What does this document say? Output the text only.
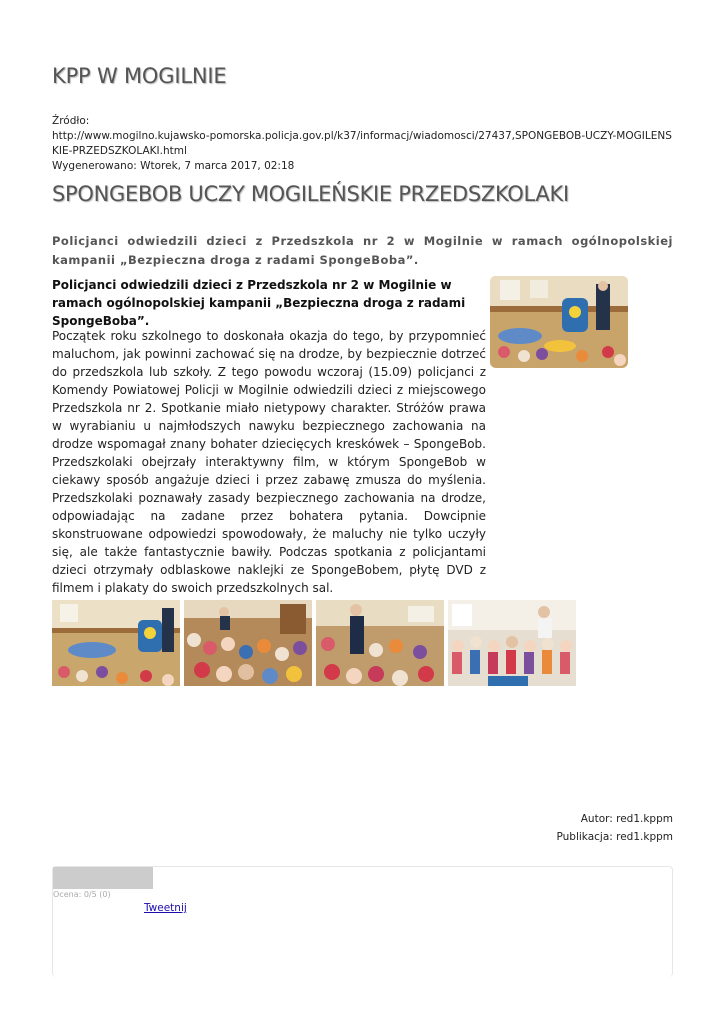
KPP W MOGILNIE
Źródło:
http://www.mogilno.kujawsko-pomorska.policja.gov.pl/k37/informacj/wiadomosci/27437,SPONGEBOB-UCZY-MOGILENSKIE-PRZEDSZKOLAKI.html
Wygenerowano: Wtorek, 7 marca 2017, 02:18
SPONGEBOB UCZY MOGILEŃSKIE PRZEDSZKOLAKI
Policjanci odwiedzili dzieci z Przedszkola nr 2 w Mogilnie w ramach ogólnopolskiej kampanii „Bezpieczna droga z radami SpongeBoba”.
Policjanci odwiedzili dzieci z Przedszkola nr 2 w Mogilnie w ramach ogólnopolskiej kampanii „Bezpieczna droga z radami SpongeBoba”.
Początek roku szkolnego to doskonała okazja do tego, by przypomnieć maluchom, jak powinni zachować się na drodze, by bezpiecznie dotrzeć do przedszkola lub szkoły. Z tego powodu wczoraj (15.09) policjanci z Komendy Powiatowej Policji w Mogilnie odwiedzili dzieci z miejscowego Przedszkola nr 2. Spotkanie miało nietypowy charakter. Stróżów prawa w wyrabianiu u najmłodszych nawyku bezpiecznego zachowania na drodze wspomagał znany bohater dziecięcych kreskówek – SpongeBob. Przedszkolaki obejrzały interaktywny film, w którym SpongeBob w ciekawy sposób angażuje dzieci i przez zabawę zmusza do myślenia. Przedszkolaki poznawały zasady bezpiecznego zachowania na drodze, odpowiadając na zadane przez bohatera pytania. Dowcipnie skonstruowane odpowiedzi spowodowały, że maluchy nie tylko uczyły się, ale także fantastycznie bawiły. Podczas spotkania z policjantami dzieci otrzymały odblaskowe naklejki ze SpongeBobem, płytę DVD z filmem i plakaty do swoich przedszkolnych sal.
Autor: red1.kppm
Publikacja: red1.kppm
Ocena: 0/5 (0)
Tweetnij
